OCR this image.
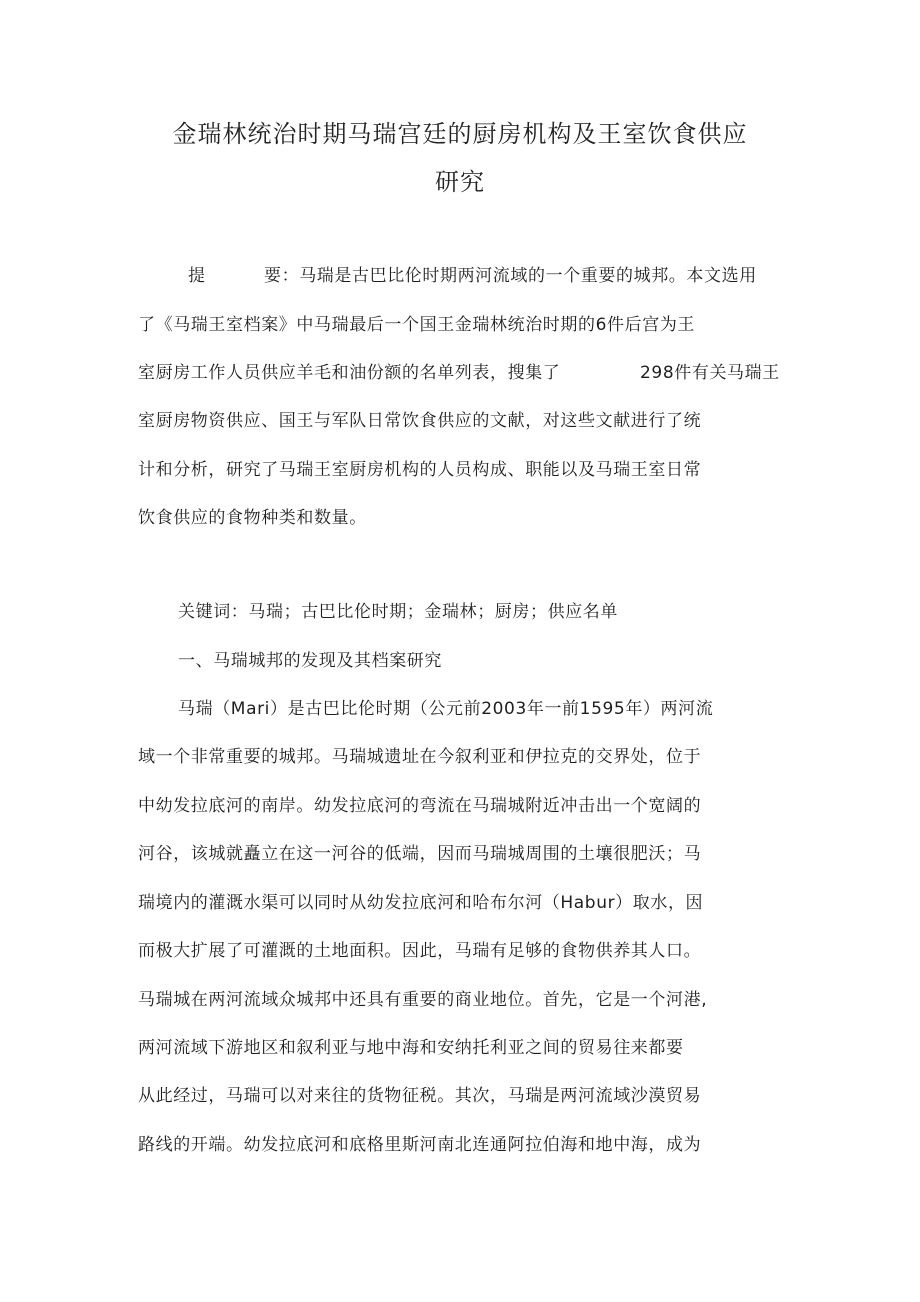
金瑞林统治时期马瑞宫廷的厨房机构及王室饮食供应
研究
提	要：马瑞是古巴比伦时期两河流域的一个重要的城邦。本文选用
了《马瑞王室档案》中马瑞最后一个国王金瑞林统治时期的6件后宫为王
室厨房工作人员供应羊毛和油份额的名单列表，搜集了	298件有关马瑞王
室厨房物资供应、国王与军队日常饮食供应的文献，对这些文献进行了统
计和分析，研究了马瑞王室厨房机构的人员构成、职能以及马瑞王室日常
饮食供应的食物种类和数量。
关键词：马瑞；古巴比伦时期；金瑞林；厨房；供应名单
一、马瑞城邦的发现及其档案研究
马瑞（Mari）是古巴比伦时期（公元前2003年一前1595年）两河流
域一个非常重要的城邦。马瑞城遗址在今叙利亚和伊拉克的交界处，位于
中幼发拉底河的南岸。幼发拉底河的弯流在马瑞城附近冲击出一个宽阔的
河谷，该城就矗立在这一河谷的低端，因而马瑞城周围的土壤很肥沃；马
瑞境内的灌溉水渠可以同时从幼发拉底河和哈布尔河（Habur）取水，因
而极大扩展了可灌溉的土地面积。因此，马瑞有足够的食物供养其人口。
马瑞城在两河流域众城邦中还具有重要的商业地位。首先，它是一个河港,
两河流域下游地区和叙利亚与地中海和安纳托利亚之间的贸易往来都要
从此经过，马瑞可以对来往的货物征税。其次，马瑞是两河流域沙漠贸易
路线的开端。幼发拉底河和底格里斯河南北连通阿拉伯海和地中海，成为
